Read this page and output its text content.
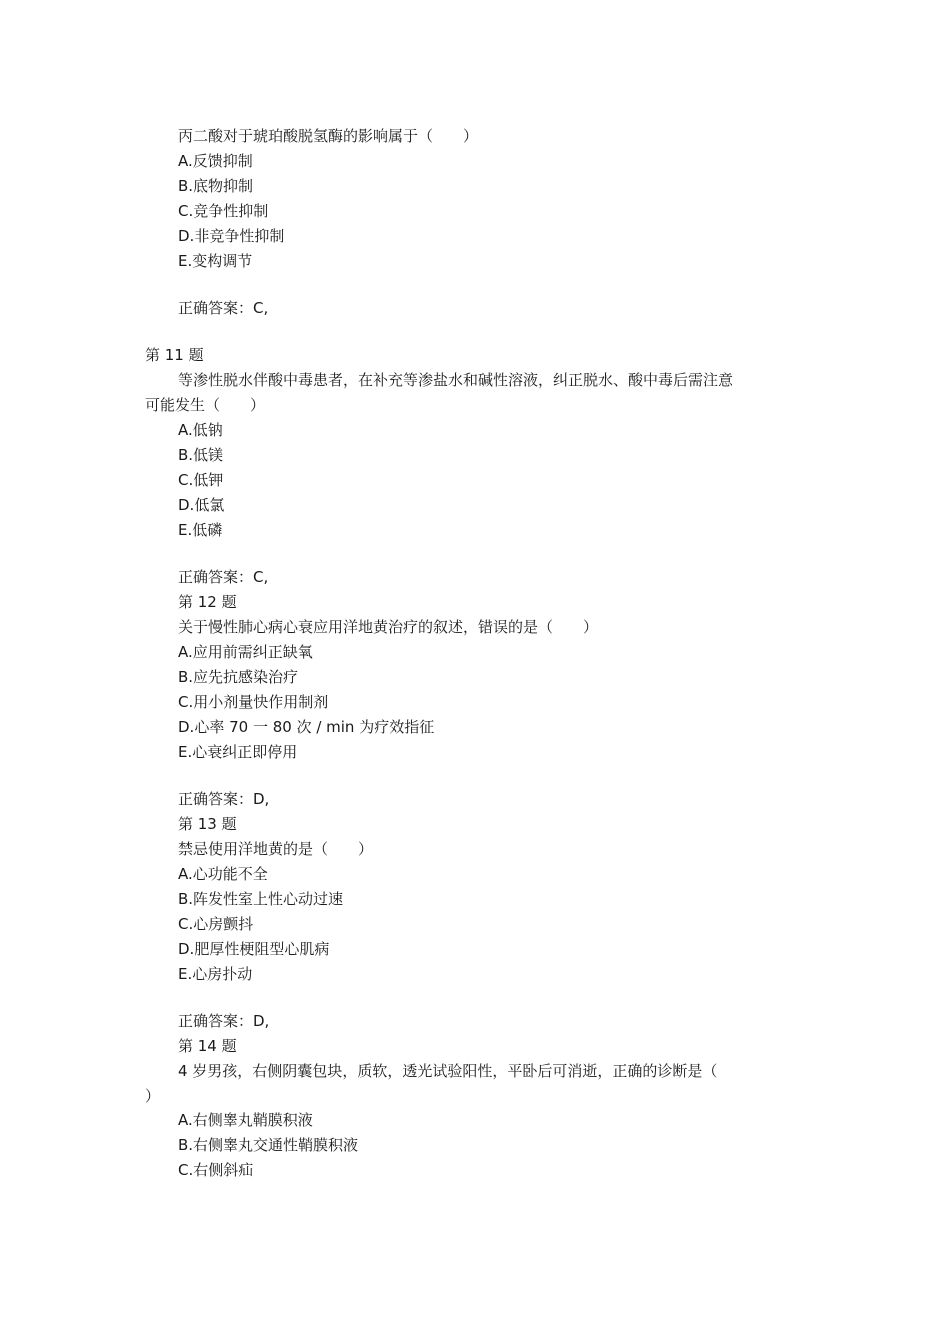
丙二酸对于琥珀酸脱氢酶的影响属于（　　）
A.反馈抑制
B.底物抑制
C.竞争性抑制
D.非竞争性抑制
E.变构调节
正确答案：C,
第 11 题
等渗性脱水伴酸中毒患者，在补充等渗盐水和碱性溶液，纠正脱水、酸中毒后需注意
可能发生（　　）
A.低钠
B.低镁
C.低钾
D.低氯
E.低磷
正确答案：C,
第 12 题
关于慢性肺心病心衰应用洋地黄治疗的叙述，错误的是（　　）
A.应用前需纠正缺氧
B.应先抗感染治疗
C.用小剂量快作用制剂
D.心率 70 一 80 次 / min 为疗效指征
E.心衰纠正即停用
正确答案：D,
第 13 题
禁忌使用洋地黄的是（　　）
A.心功能不全
B.阵发性室上性心动过速
C.心房颤抖
D.肥厚性梗阻型心肌病
E.心房扑动
正确答案：D,
第 14 题
4 岁男孩，右侧阴囊包块，质软，透光试验阳性，平卧后可消逝，正确的诊断是（
）
A.右侧睾丸鞘膜积液
B.右侧睾丸交通性鞘膜积液
C.右侧斜疝
